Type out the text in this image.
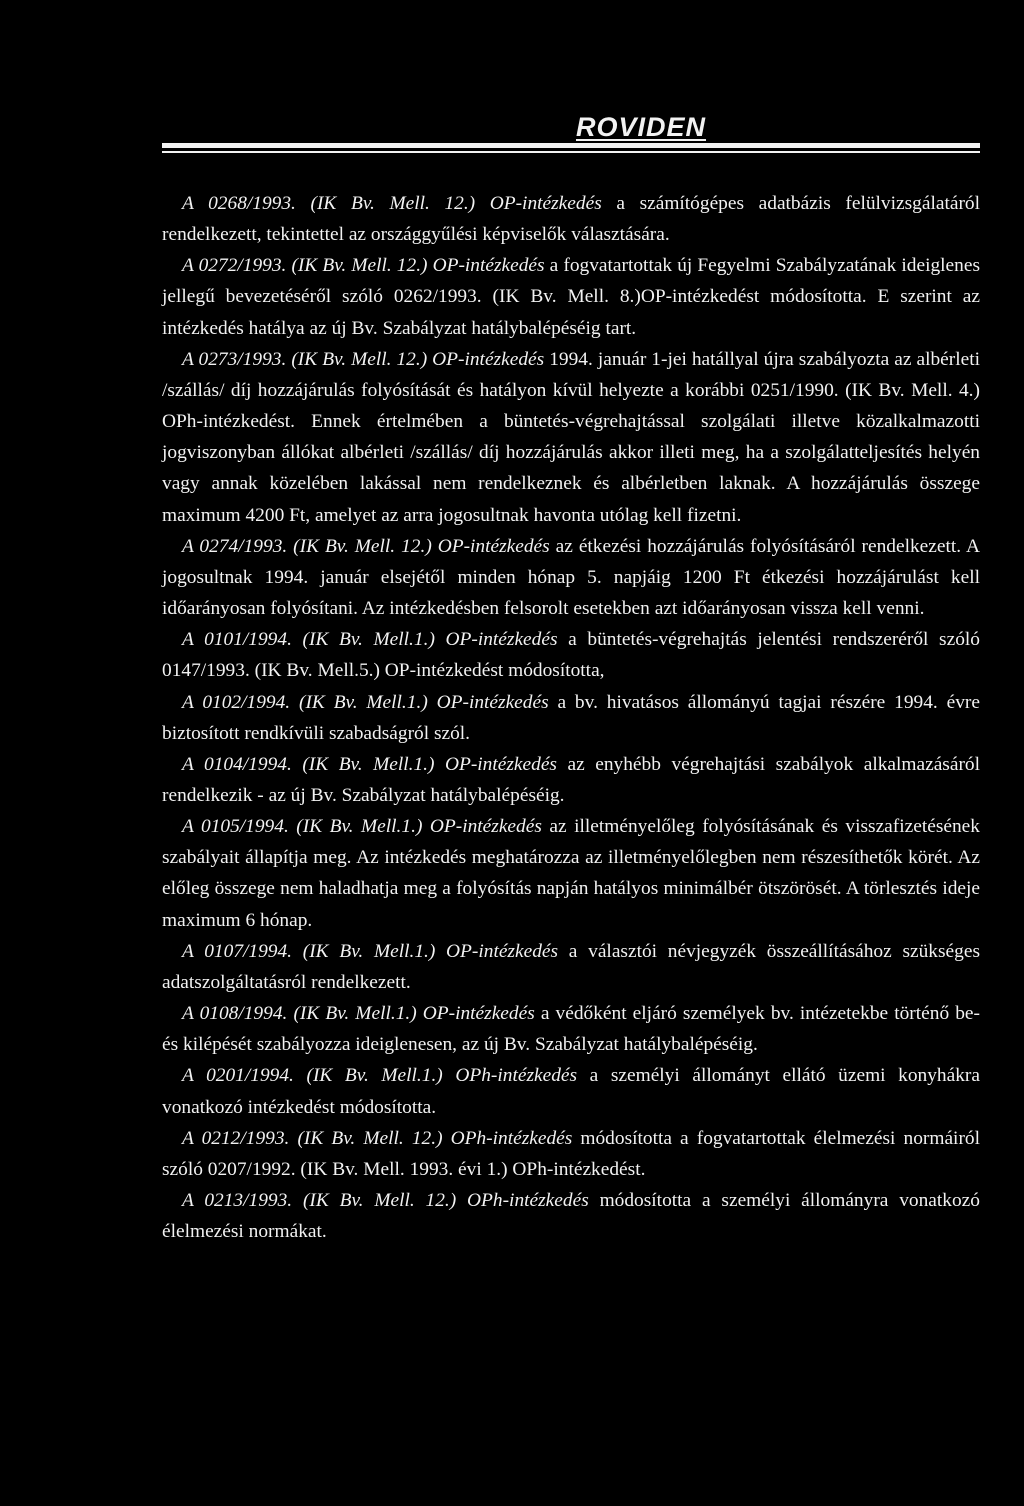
ROVIDEN

A 0268/1993. (IK Bv. Mell. 12.) OP-intézkedés a számítógépes adatbázis felülvizsgálatáról rendelkezett, tekintettel az országgyűlési képviselők választására.

A 0272/1993. (IK Bv. Mell. 12.) OP-intézkedés a fogvatartottak új Fegyelmi Szabályzatának ideiglenes jellegű bevezetéséről szóló 0262/1993. (IK Bv. Mell. 8.)OP-intézkedést módosította. E szerint az intézkedés hatálya az új Bv. Szabályzat hatálybalépéséig tart.

A 0273/1993. (IK Bv. Mell. 12.) OP-intézkedés 1994. január 1-jei hatállyal újra szabályozta az albérleti /szállás/ díj hozzájárulás folyósítását és hatályon kívül helyezte a korábbi 0251/1990. (IK Bv. Mell. 4.) OPh-intézkedést. Ennek értelmében a büntetés-végrehajtással szolgálati illetve közalkalmazotti jogviszonyban állókat albérleti /szállás/ díj hozzájárulás akkor illeti meg, ha a szolgálatteljesítés helyén vagy annak közelében lakással nem rendelkeznek és albérletben laknak. A hozzájárulás összege maximum 4200 Ft, amelyet az arra jogosultnak havonta utólag kell fizetni.

A 0274/1993. (IK Bv. Mell. 12.) OP-intézkedés az étkezési hozzájárulás folyósításáról rendelkezett. A jogosultnak 1994. január elsejétől minden hónap 5. napjáig 1200 Ft étkezési hozzájárulást kell időarányosan folyósítani. Az intézkedésben felsorolt esetekben azt időarányosan vissza kell venni.

A 0101/1994. (IK Bv. Mell.1.) OP-intézkedés a büntetés-végrehajtás jelentési rendszeréről szóló 0147/1993. (IK Bv. Mell.5.) OP-intézkedést módosította,

A 0102/1994. (IK Bv. Mell.1.) OP-intézkedés a bv. hivatásos állományú tagjai részére 1994. évre biztosított rendkívüli szabadságról szól.

A 0104/1994. (IK Bv. Mell.1.) OP-intézkedés az enyhébb végrehajtási szabályok alkalmazásáról rendelkezik - az új Bv. Szabályzat hatálybalépéséig.

A 0105/1994. (IK Bv. Mell.1.) OP-intézkedés az illetményelőleg folyósításának és visszafizetésének szabályait állapítja meg. Az intézkedés meghatározza az illetményelőlegben nem részesíthetők körét. Az előleg összege nem haladhatja meg a folyósítás napján hatályos minimálbér ötszörösét. A törlesztés ideje maximum 6 hónap.

A 0107/1994. (IK Bv. Mell.1.) OP-intézkedés a választói névjegyzék összeállításához szükséges adatszolgáltatásról rendelkezett.

A 0108/1994. (IK Bv. Mell.1.) OP-intézkedés a védőként eljáró személyek bv. intézetekbe történő be- és kilépését szabályozza ideiglenesen, az új Bv. Szabályzat hatálybalépéséig.

A 0201/1994. (IK Bv. Mell.1.) OPh-intézkedés a személyi állományt ellátó üzemi konyhákra vonatkozó intézkedést módosította.

A 0212/1993. (IK Bv. Mell. 12.) OPh-intézkedés módosította a fogvatartottak élelmezési normáiról szóló 0207/1992. (IK Bv. Mell. 1993. évi 1.) OPh-intézkedést.

A 0213/1993. (IK Bv. Mell. 12.) OPh-intézkedés módosította a személyi állományra vonatkozó élelmezési normákat.
